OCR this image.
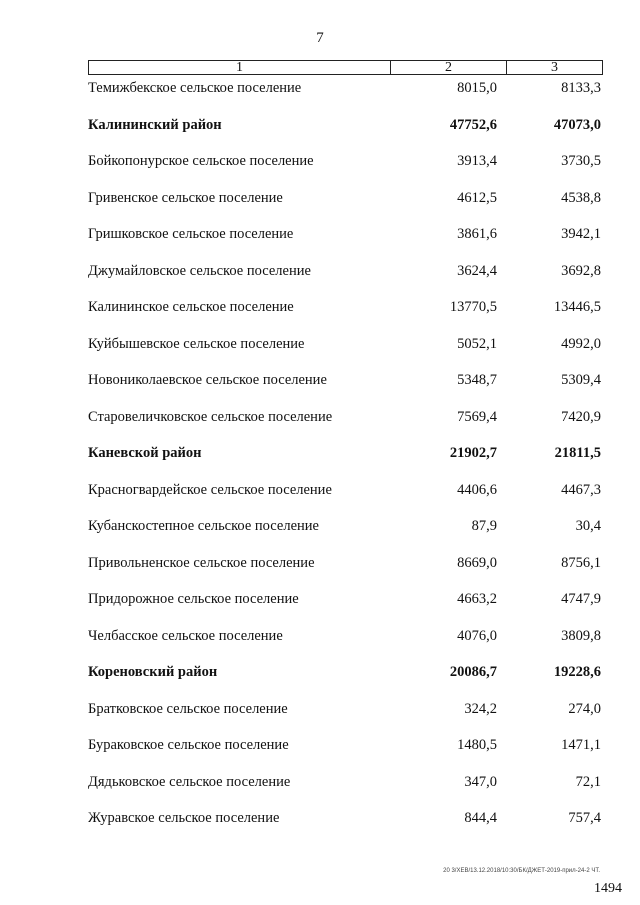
7
1	2	3
Темижбекское сельское поселение	8015,0	8133,3
Калининский район	47752,6	47073,0
Бойкопонурское сельское поселение	3913,4	3730,5
Гривенское сельское поселение	4612,5	4538,8
Гришковское сельское поселение	3861,6	3942,1
Джумайловское сельское поселение	3624,4	3692,8
Калининское сельское поселение	13770,5	13446,5
Куйбышевское сельское поселение	5052,1	4992,0
Новониколаевское сельское поселение	5348,7	5309,4
Старовеличковское сельское поселение	7569,4	7420,9
Каневской район	21902,7	21811,5
Красногвардейское сельское поселение	4406,6	4467,3
Кубанскостепное сельское поселение	87,9	30,4
Привольненское сельское поселение	8669,0	8756,1
Придорожное сельское поселение	4663,2	4747,9
Челбасское сельское поселение	4076,0	3809,8
Кореновский район	20086,7	19228,6
Братковское сельское поселение	324,2	274,0
Бураковское сельское поселение	1480,5	1471,1
Дядьковское сельское поселение	347,0	72,1
Журавское сельское поселение	844,4	757,4
20 3/ХЕВ/13.12.2018/10:30/БК/ДЖЕТ-2019-прил-24-2 ЧТ.
1494
